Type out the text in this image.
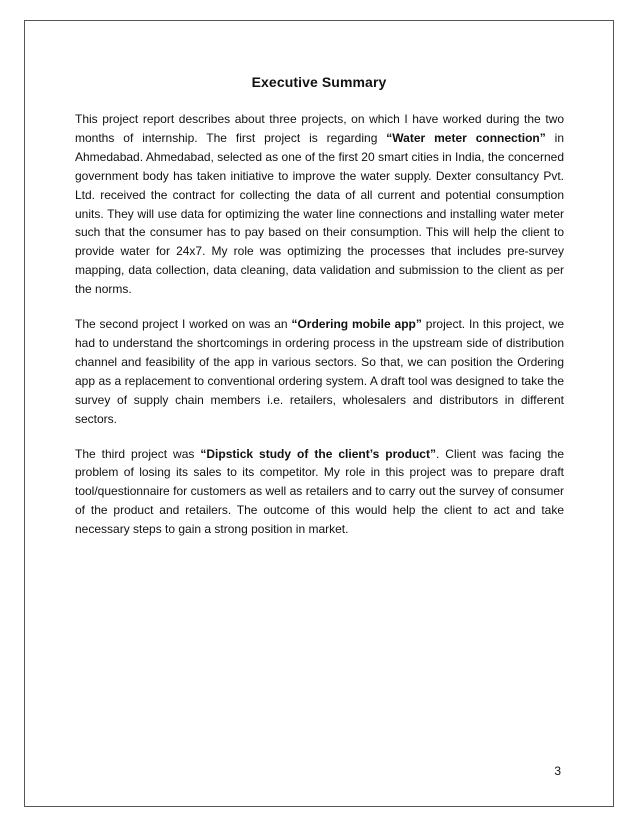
Executive Summary

This project report describes about three projects, on which I have worked during the two months of internship. The first project is regarding “Water meter connection” in Ahmedabad. Ahmedabad, selected as one of the first 20 smart cities in India, the concerned government body has taken initiative to improve the water supply. Dexter consultancy Pvt. Ltd. received the contract for collecting the data of all current and potential consumption units. They will use data for optimizing the water line connections and installing water meter such that the consumer has to pay based on their consumption. This will help the client to provide water for 24x7. My role was optimizing the processes that includes pre-survey mapping, data collection, data cleaning, data validation and submission to the client as per the norms.

The second project I worked on was an “Ordering mobile app” project. In this project, we had to understand the shortcomings in ordering process in the upstream side of distribution channel and feasibility of the app in various sectors. So that, we can position the Ordering app as a replacement to conventional ordering system. A draft tool was designed to take the survey of supply chain members i.e. retailers, wholesalers and distributors in different sectors.

The third project was “Dipstick study of the client’s product”. Client was facing the problem of losing its sales to its competitor. My role in this project was to prepare draft tool/questionnaire for customers as well as retailers and to carry out the survey of consumer of the product and retailers. The outcome of this would help the client to act and take necessary steps to gain a strong position in market.

3
